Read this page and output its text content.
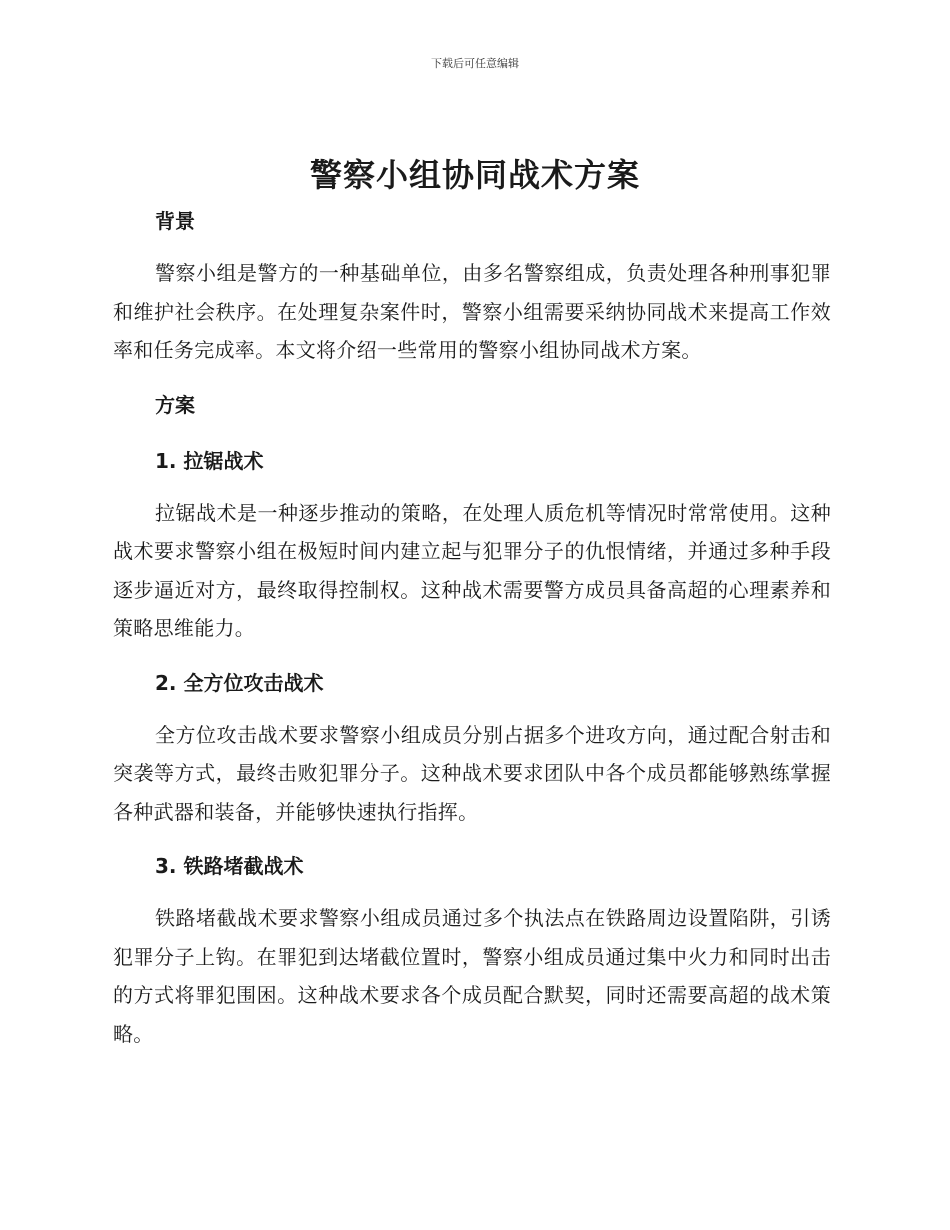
下载后可任意编辑
警察小组协同战术方案
背景

警察小组是警方的一种基础单位，由多名警察组成，负责处理各种刑事犯罪和维护社会秩序。在处理复杂案件时，警察小组需要采纳协同战术来提高工作效率和任务完成率。本文将介绍一些常用的警察小组协同战术方案。

方案
1. 拉锯战术

拉锯战术是一种逐步推动的策略，在处理人质危机等情况时常常使用。这种战术要求警察小组在极短时间内建立起与犯罪分子的仇恨情绪，并通过多种手段逐步逼近对方，最终取得控制权。这种战术需要警方成员具备高超的心理素养和策略思维能力。

2. 全方位攻击战术

全方位攻击战术要求警察小组成员分别占据多个进攻方向，通过配合射击和突袭等方式，最终击败犯罪分子。这种战术要求团队中各个成员都能够熟练掌握各种武器和装备，并能够快速执行指挥。

3. 铁路堵截战术

铁路堵截战术要求警察小组成员通过多个执法点在铁路周边设置陷阱，引诱犯罪分子上钩。在罪犯到达堵截位置时，警察小组成员通过集中火力和同时出击的方式将罪犯围困。这种战术要求各个成员配合默契，同时还需要高超的战术策略。
